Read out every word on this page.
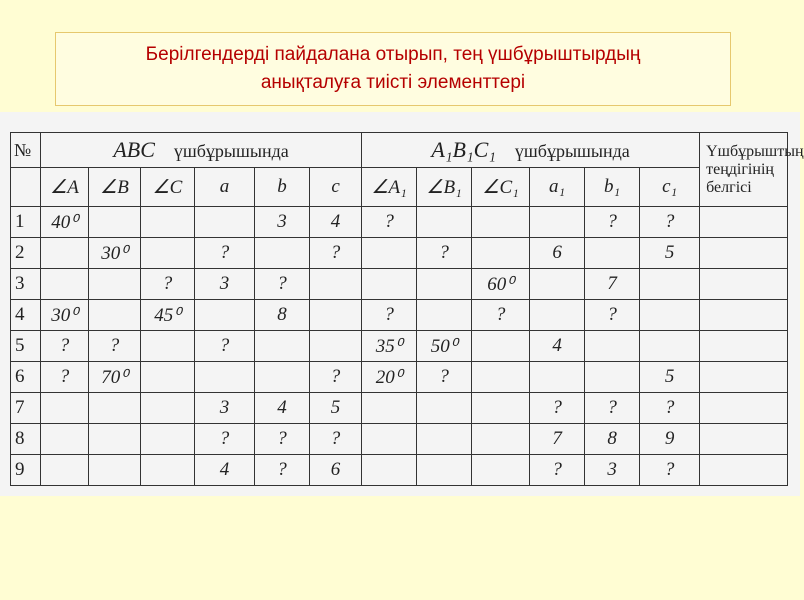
Берілгендерді пайдалана отырып, тең үшбұрыштырдың
анықталуға тиісті элементтері
№	ABC үшбұрышында						A₁B₁C₁ үшбұрышында						Үшбұрыштың теңдігінің белгісі
	∠A	∠B	∠C	a	b	c	∠A₁	∠B₁	∠C₁	a₁	b₁	c₁	
1	40⁰				3	4	?				?	?	
2		30⁰		?		?		?		6		5	
3			?	3	?				60⁰		7		
4	30⁰		45⁰		8		?		?		?		
5	?	?		?			35⁰	50⁰		4			
6	?	70⁰				?	20⁰	?				5	
7				3	4	5				?	?	?	
8				?	?	?				7	8	9	
9				4	?	6				?	3	?	
